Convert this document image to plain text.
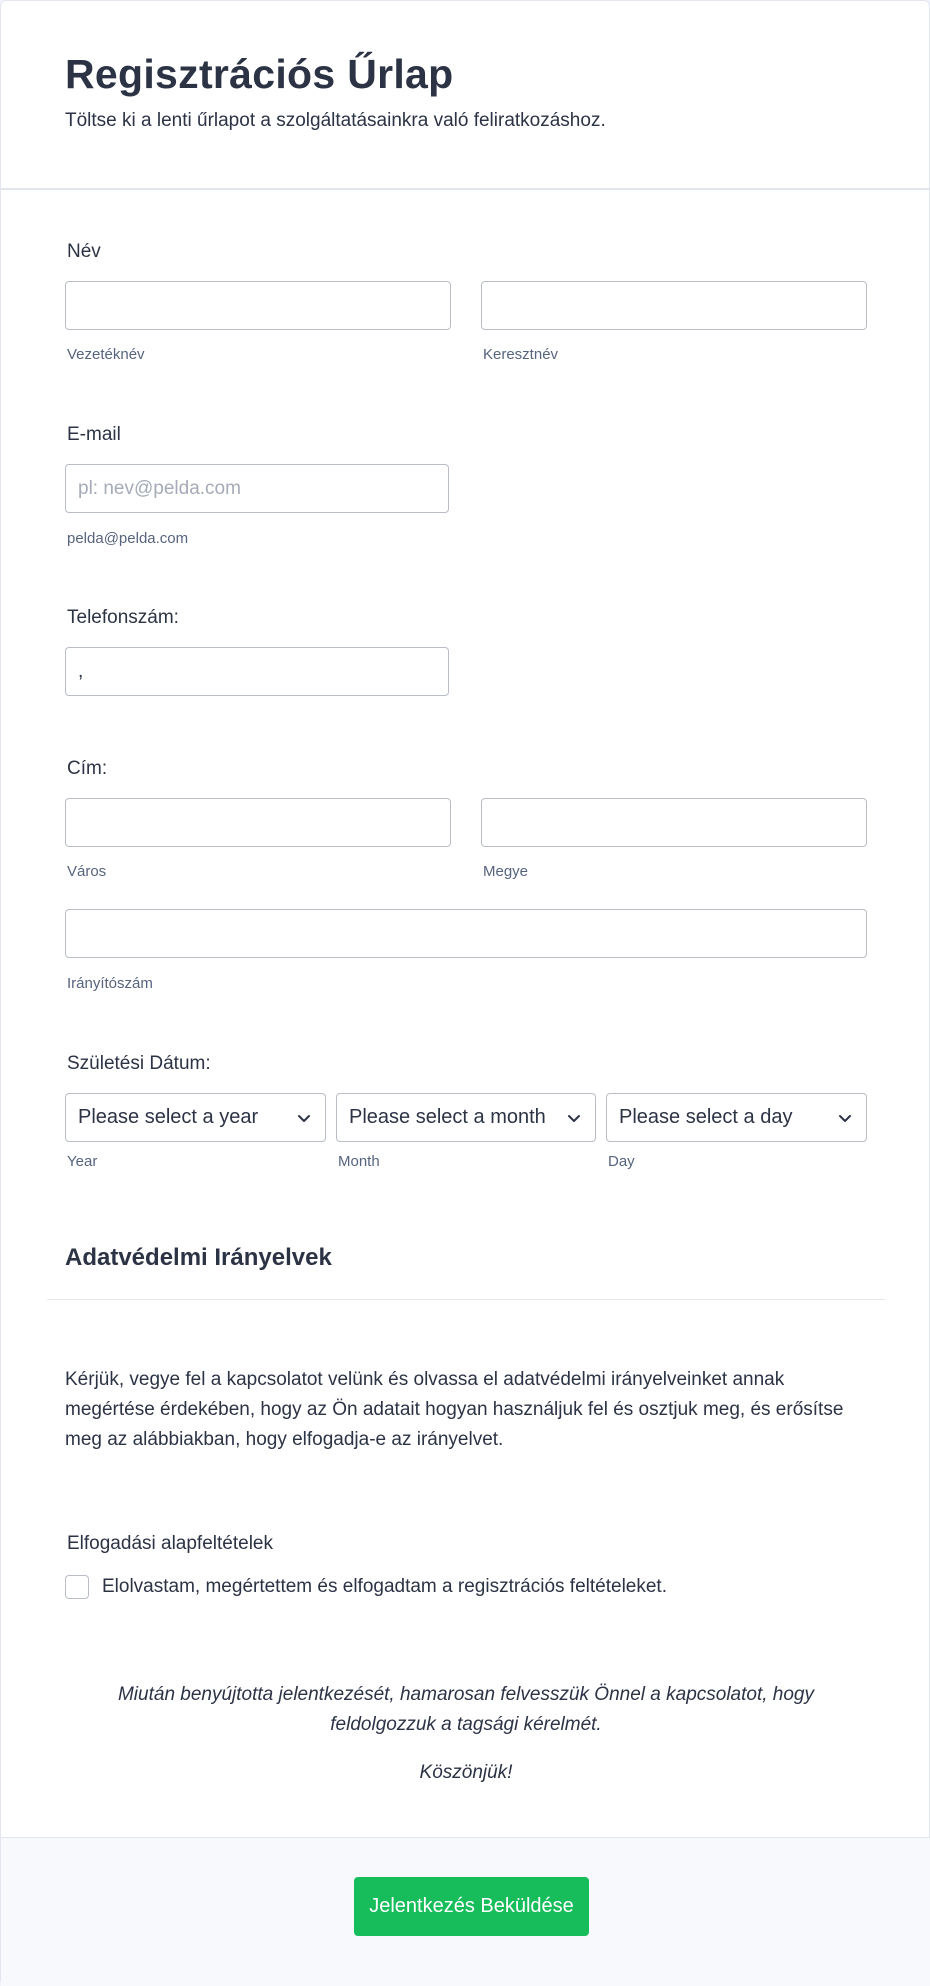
Regisztrációs Űrlap
Töltse ki a lenti űrlapot a szolgáltatásainkra való feliratkozáshoz.
Név
Vezetéknév	Keresztnév
E-mail
pl: nev@pelda.com
pelda@pelda.com
Telefonszám:
,
Cím:
Város	Megye
Irányítószám
Születési Dátum:
Please select a year	Please select a month	Please select a day
Year	Month	Day
Adatvédelmi Irányelvek
Kérjük, vegye fel a kapcsolatot velünk és olvassa el adatvédelmi irányelveinket annak megértése érdekében, hogy az Ön adatait hogyan használjuk fel és osztjuk meg, és erősítse meg az alábbiakban, hogy elfogadja-e az irányelvet.
Elfogadási alapfeltételek
Elolvastam, megértettem és elfogadtam a regisztrációs feltételeket.
Miután benyújtotta jelentkezését, hamarosan felvesszük Önnel a kapcsolatot, hogy
feldolgozzuk a tagsági kérelmét.
Köszönjük!
Jelentkezés Beküldése
